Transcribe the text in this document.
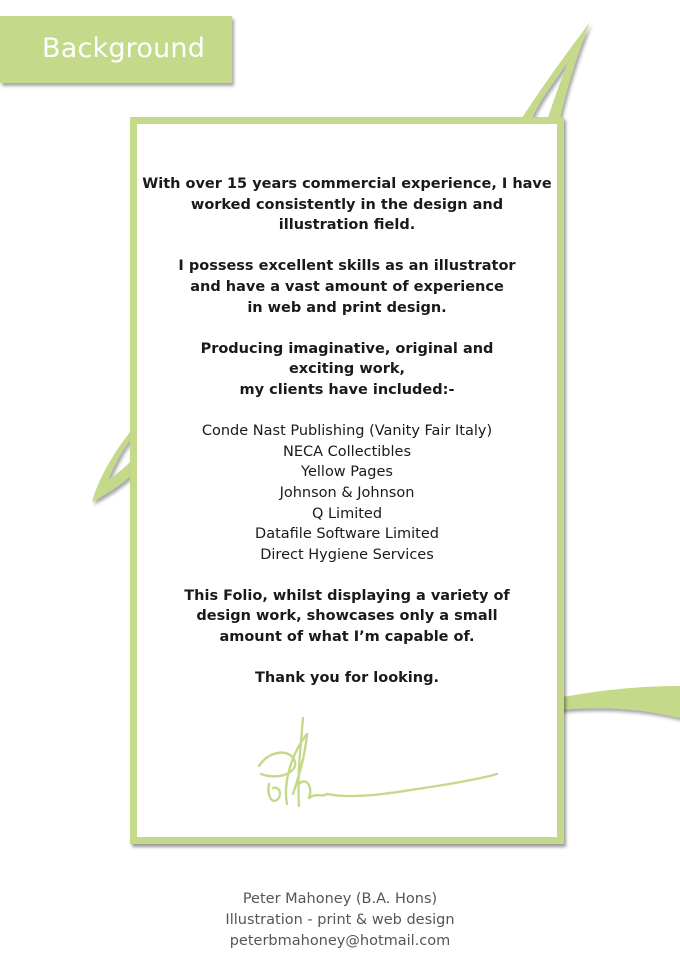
Background
With over 15 years commercial experience, I have
worked consistently in the design and
illustration field.
I possess excellent skills as an illustrator
and have a vast amount of experience
in web and print design.
Producing imaginative, original and
exciting work,
my clients have included:-
Conde Nast Publishing (Vanity Fair Italy)
NECA Collectibles
Yellow Pages
Johnson & Johnson
Q Limited
Datafile Software Limited
Direct Hygiene Services
This Folio, whilst displaying a variety of
design work, showcases only a small
amount of what I’m capable of.
Thank you for looking.
Peter Mahoney (B.A. Hons)
Illustration - print & web design
peterbmahoney@hotmail.com
